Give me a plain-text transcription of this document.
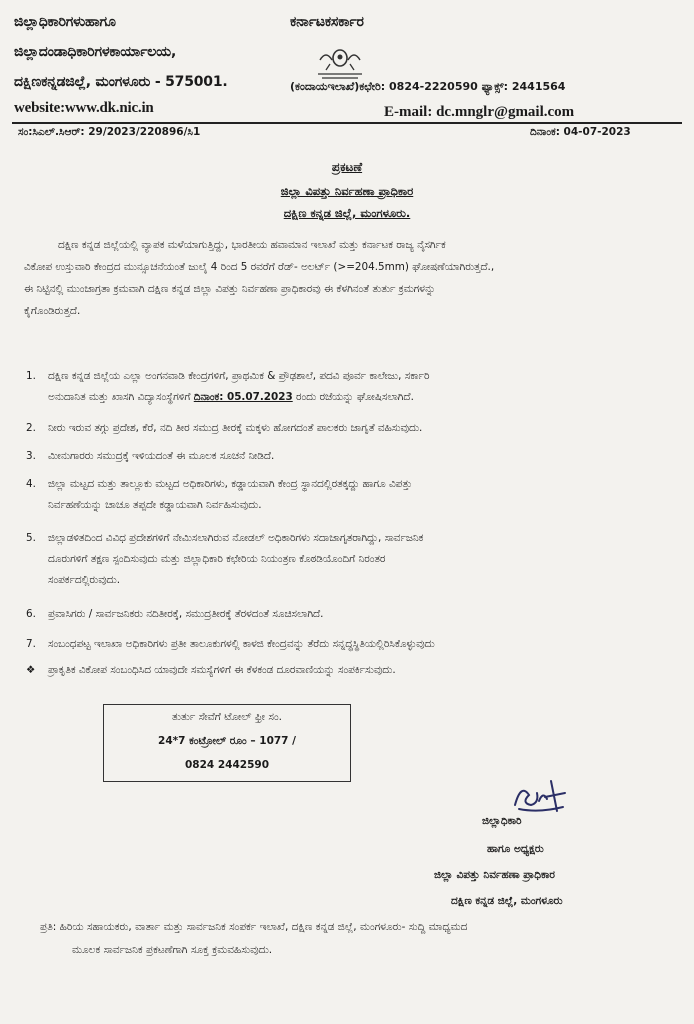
ಜಿಲ್ಲಾಧಿಕಾರಿಗಳುಹಾಗೂ
ಜಿಲ್ಲಾದಂಡಾಧಿಕಾರಿಗಳಕಾರ್ಯಾಲಯ,
ದಕ್ಷಿಣಕನ್ನಡಜಿಲ್ಲೆ, ಮಂಗಳೂರು - 575001.
website:www.dk.nic.in
ಕರ್ನಾಟಕಸರ್ಕಾರ
(ಕಂದಾಯಇಲಾಖೆ)ಕಛೇರಿ: 0824-2220590 ಫ್ಯಾಕ್ಸ್: 2441564
E-mail: dc.mnglr@gmail.com
ಸಂ:ಸಿಎಲ್.ಸಿಆರ್: 29/2023/220896/ಸಿ1	ದಿನಾಂಕ: 04-07-2023
ಪ್ರಕಟಣೆ
ಜಿಲ್ಲಾ ವಿಪತ್ತು ನಿರ್ವಹಣಾ ಪ್ರಾಧಿಕಾರ
ದಕ್ಷಿಣ ಕನ್ನಡ ಜಿಲ್ಲೆ, ಮಂಗಳೂರು.
ದಕ್ಷಿಣ ಕನ್ನಡ ಜಿಲ್ಲೆಯಲ್ಲಿ ವ್ಯಾಪಕ ಮಳೆಯಾಗುತ್ತಿದ್ದು, ಭಾರತೀಯ ಹವಾಮಾನ ಇಲಾಖೆ ಮತ್ತು ಕರ್ನಾಟಕ ರಾಜ್ಯ ನೈಸರ್ಗಿಕ
ವಿಕೋಪ ಉಸ್ತುವಾರಿ ಕೇಂದ್ರದ ಮುನ್ಸೂಚನೆಯಂತೆ ಜುಲೈ 4 ರಿಂದ 5 ರವರೆಗೆ ರೆಡ್- ಅಲರ್ಟ್ (>=204.5mm) ಘೋಷಣೆಯಾಗಿರುತ್ತದೆ.,
ಈ ನಿಟ್ಟಿನಲ್ಲಿ ಮುಂಜಾಗ್ರತಾ ಕ್ರಮವಾಗಿ ದಕ್ಷಿಣ ಕನ್ನಡ ಜಿಲ್ಲಾ ವಿಪತ್ತು ನಿರ್ವಹಣಾ ಪ್ರಾಧಿಕಾರವು ಈ ಕೆಳಗಿನಂತೆ ತುರ್ತು ಕ್ರಮಗಳನ್ನು
ಕೈಗೊಂಡಿರುತ್ತದೆ.
1. ದಕ್ಷಿಣ ಕನ್ನಡ ಜಿಲ್ಲೆಯ ಎಲ್ಲಾ ಅಂಗನವಾಡಿ ಕೇಂದ್ರಗಳಿಗೆ, ಪ್ರಾಥಮಿಕ & ಪ್ರೌಢಶಾಲೆ, ಪದವಿ ಪೂರ್ವ ಕಾಲೇಜು, ಸರ್ಕಾರಿ
ಅನುದಾನಿತ ಮತ್ತು ಖಾಸಗಿ ವಿದ್ಯಾಸಂಸ್ಥೆಗಳಿಗೆ ದಿನಾಂಕ: 05.07.2023 ರಂದು ರಜೆಯನ್ನು ಘೋಷಿಸಲಾಗಿದೆ.
2. ನೀರು ಇರುವ ತಗ್ಗು ಪ್ರದೇಶ, ಕೆರೆ, ನದಿ ತೀರ ಸಮುದ್ರ ತೀರಕ್ಕೆ ಮಕ್ಕಳು ಹೋಗದಂತೆ ಪಾಲಕರು ಜಾಗೃತೆ ವಹಿಸುವುದು.
3. ಮೀನುಗಾರರು ಸಮುದ್ರಕ್ಕೆ ಇಳಿಯದಂತೆ ಈ ಮೂಲಕ ಸೂಚನೆ ನೀಡಿದೆ.
4. ಜಿಲ್ಲಾ ಮಟ್ಟದ ಮತ್ತು ತಾಲ್ಲೂಕು ಮಟ್ಟದ ಅಧಿಕಾರಿಗಳು, ಕಡ್ಡಾಯವಾಗಿ ಕೇಂದ್ರ ಸ್ಥಾನದಲ್ಲಿರತಕ್ಕದ್ದು ಹಾಗೂ ವಿಪತ್ತು
ನಿರ್ವಹಣೆಯನ್ನು ಚಾಚೂ ತಪ್ಪದೇ ಕಡ್ಡಾಯವಾಗಿ ನಿರ್ವಹಿಸುವುದು.
5. ಜಿಲ್ಲಾಡಳಿತದಿಂದ ವಿವಿಧ ಪ್ರದೇಶಗಳಿಗೆ ನೇಮಿಸಲಾಗಿರುವ ನೋಡಲ್ ಅಧಿಕಾರಿಗಳು ಸದಾಜಾಗೃತರಾಗಿದ್ದು, ಸಾರ್ವಜನಿಕ
ದೂರುಗಳಿಗೆ ತಕ್ಷಣ ಸ್ಪಂದಿಸುವುದು ಮತ್ತು ಜಿಲ್ಲಾಧಿಕಾರಿ ಕಛೇರಿಯ ನಿಯಂತ್ರಣ ಕೊಠಡಿಯೊಂದಿಗೆ ನಿರಂತರ
ಸಂಪರ್ಕದಲ್ಲಿರುವುದು.
6. ಪ್ರವಾಸಿಗರು / ಸಾರ್ವಜನಿಕರು ನದಿತೀರಕ್ಕೆ, ಸಮುದ್ರತೀರಕ್ಕೆ ತೆರಳದಂತೆ ಸೂಚಿಸಲಾಗಿದೆ.
7. ಸಂಬಂಧಪಟ್ಟ ಇಲಾಖಾ ಅಧಿಕಾರಿಗಳು ಪ್ರತೀ ತಾಲೂಕುಗಳಲ್ಲಿ ಕಾಳಜಿ ಕೇಂದ್ರವನ್ನು ತೆರೆದು ಸನ್ನದ್ಧಸ್ಥಿತಿಯಲ್ಲಿರಿಸಿಕೊಳ್ಳುವುದು
❖ ಪ್ರಾಕೃತಿಕ ವಿಕೋಪ ಸಂಬಂಧಿಸಿದ ಯಾವುದೇ ಸಮಸ್ಯೆಗಳಿಗೆ ಈ ಕೆಳಕಂಡ ದೂರವಾಣಿಯನ್ನು ಸಂಪರ್ಕಿಸುವುದು.
ತುರ್ತು ಸೇವೆಗೆ ಟೋಲ್ ಫ್ರೀ ಸಂ.
24*7 ಕಂಟ್ರೋಲ್ ರೂಂ – 1077 /
0824 2442590
ಜಿಲ್ಲಾಧಿಕಾರಿ
ಹಾಗೂ ಅಧ್ಯಕ್ಷರು
ಜಿಲ್ಲಾ ವಿಪತ್ತು ನಿರ್ವಹಣಾ ಪ್ರಾಧಿಕಾರ
ದಕ್ಷಿಣ ಕನ್ನಡ ಜಿಲ್ಲೆ, ಮಂಗಳೂರು
ಪ್ರತಿ: ಹಿರಿಯ ಸಹಾಯಕರು, ವಾರ್ತಾ ಮತ್ತು ಸಾರ್ವಜನಿಕ ಸಂಪರ್ಕ ಇಲಾಖೆ, ದಕ್ಷಿಣ ಕನ್ನಡ ಜಿಲ್ಲೆ, ಮಂಗಳೂರು- ಸುದ್ದಿ ಮಾಧ್ಯಮದ
ಮೂಲಕ ಸಾರ್ವಜನಿಕ ಪ್ರಕಟಣೆಗಾಗಿ ಸೂಕ್ತ ಕ್ರಮವಹಿಸುವುದು.
